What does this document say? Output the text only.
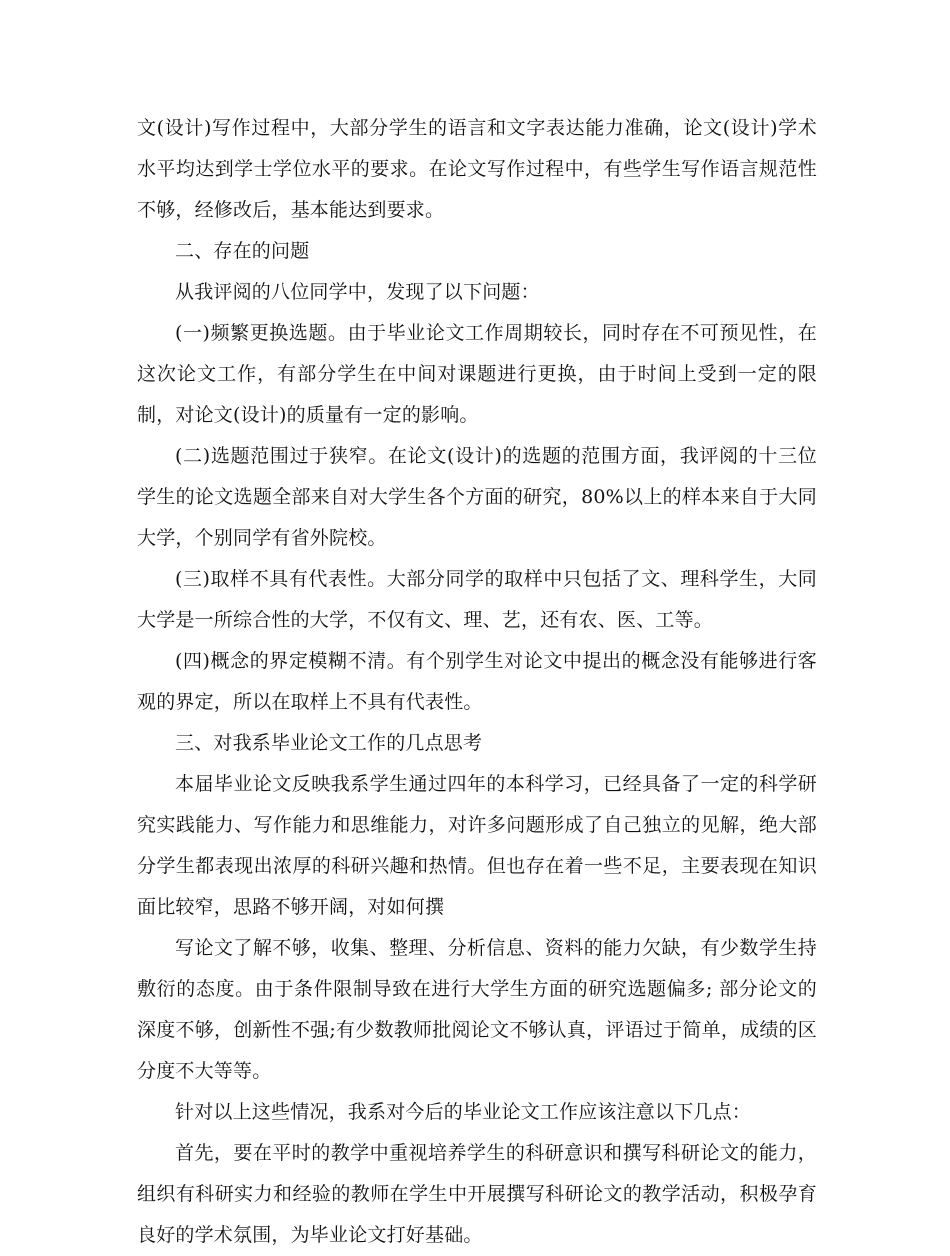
文(设计)写作过程中，大部分学生的语言和文字表达能力准确，论文(设计)学术水平均达到学士学位水平的要求。在论文写作过程中，有些学生写作语言规范性不够，经修改后，基本能达到要求。

二、存在的问题

从我评阅的八位同学中，发现了以下问题：

(一)频繁更换选题。由于毕业论文工作周期较长，同时存在不可预见性，在这次论文工作，有部分学生在中间对课题进行更换，由于时间上受到一定的限制，对论文(设计)的质量有一定的影响。

(二)选题范围过于狭窄。在论文(设计)的选题的范围方面，我评阅的十三位学生的论文选题全部来自对大学生各个方面的研究，80%以上的样本来自于大同大学，个别同学有省外院校。

(三)取样不具有代表性。大部分同学的取样中只包括了文、理科学生，大同大学是一所综合性的大学，不仅有文、理、艺，还有农、医、工等。

(四)概念的界定模糊不清。有个别学生对论文中提出的概念没有能够进行客观的界定，所以在取样上不具有代表性。

三、对我系毕业论文工作的几点思考

本届毕业论文反映我系学生通过四年的本科学习，已经具备了一定的科学研究实践能力、写作能力和思维能力，对许多问题形成了自己独立的见解，绝大部分学生都表现出浓厚的科研兴趣和热情。但也存在着一些不足，主要表现在知识面比较窄，思路不够开阔，对如何撰

写论文了解不够，收集、整理、分析信息、资料的能力欠缺，有少数学生持敷衍的态度。由于条件限制导致在进行大学生方面的研究选题偏多; 部分论文的深度不够，创新性不强;有少数教师批阅论文不够认真，评语过于简单，成绩的区分度不大等等。

针对以上这些情况，我系对今后的毕业论文工作应该注意以下几点：

首先，要在平时的教学中重视培养学生的科研意识和撰写科研论文的能力，组织有科研实力和经验的教师在学生中开展撰写科研论文的教学活动，积极孕育良好的学术氛围，为毕业论文打好基础。
